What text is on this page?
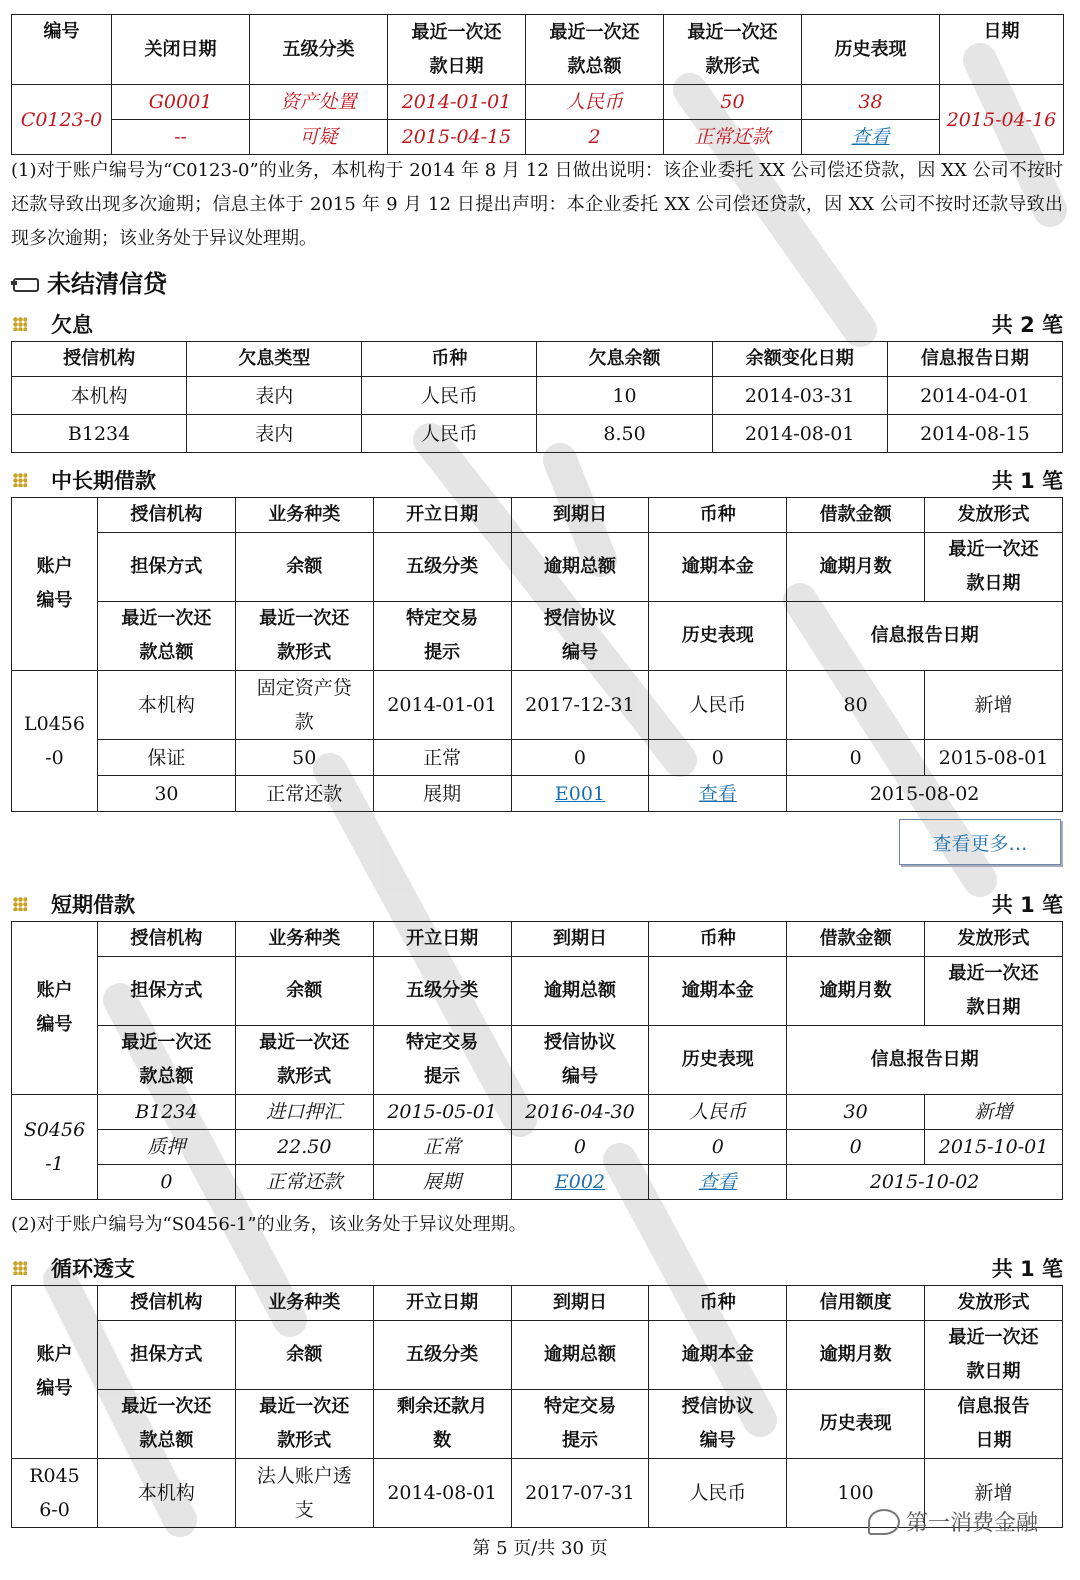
编号	关闭日期	五级分类	最近一次还款日期	最近一次还款总额	最近一次还款形式	历史表现	日期
C0123-0	G0001	资产处置	2014-01-01	人民币	50	38	2015-04-16
	--	可疑	2015-04-15	2	正常还款	查看	
(1)对于账户编号为“C0123-0”的业务，本机构于 2014 年 8 月 12 日做出说明：该企业委托 XX 公司偿还贷款，因 XX 公司不按时还款导致出现多次逾期；信息主体于 2015 年 9 月 12 日提出声明：本企业委托 XX 公司偿还贷款，因 XX 公司不按时还款导致出现多次逾期；该业务处于异议处理期。
未结清信贷
欠息	共 2 笔
授信机构	欠息类型	币种	欠息余额	余额变化日期	信息报告日期
本机构	表内	人民币	10	2014-03-31	2014-04-01
B1234	表内	人民币	8.50	2014-08-01	2014-08-15
中长期借款	共 1 笔
账户编号	授信机构	业务种类	开立日期	到期日	币种	借款金额	发放形式
	担保方式	余额	五级分类	逾期总额	逾期本金	逾期月数	最近一次还款日期

	最近一次还款总额	最近一次还款形式	特定交易提示	授信协议编号	历史表现	信息报告日期	

L0456-0	本机构	固定资产贷款	2014-01-01	2017-12-31	人民币	80	新增
	保证	50	正常	0	0	0	2015-08-01
	30	正常还款	展期	E001	查看	2015-08-02	
查看更多…
短期借款	共 1 笔
账户编号	授信机构	业务种类	开立日期	到期日	币种	借款金额	发放形式
	担保方式	余额	五级分类	逾期总额	逾期本金	逾期月数	最近一次还款日期

	最近一次还款总额	最近一次还款形式	特定交易提示	授信协议编号	历史表现	信息报告日期	

S0456-1	B1234	进口押汇	2015-05-01	2016-04-30	人民币	30	新增
	质押	22.50	正常	0	0	0	2015-10-01
	0	正常还款	展期	E002	查看	2015-10-02	
(2)对于账户编号为“S0456-1”的业务，该业务处于异议处理期。
循环透支	共 1 笔
账户编号	授信机构	业务种类	开立日期	到期日	币种	信用额度	发放形式
	担保方式	余额	五级分类	逾期总额	逾期本金	逾期月数	最近一次还款日期

	最近一次还款总额	最近一次还款形式	剩余还款月数	特定交易提示	授信协议编号	历史表现	信息报告日期

R0456-0	本机构	法人账户透支	2014-08-01	2017-07-31	人民币	100	新增
第一消费金融
第 5 页/共 30 页
